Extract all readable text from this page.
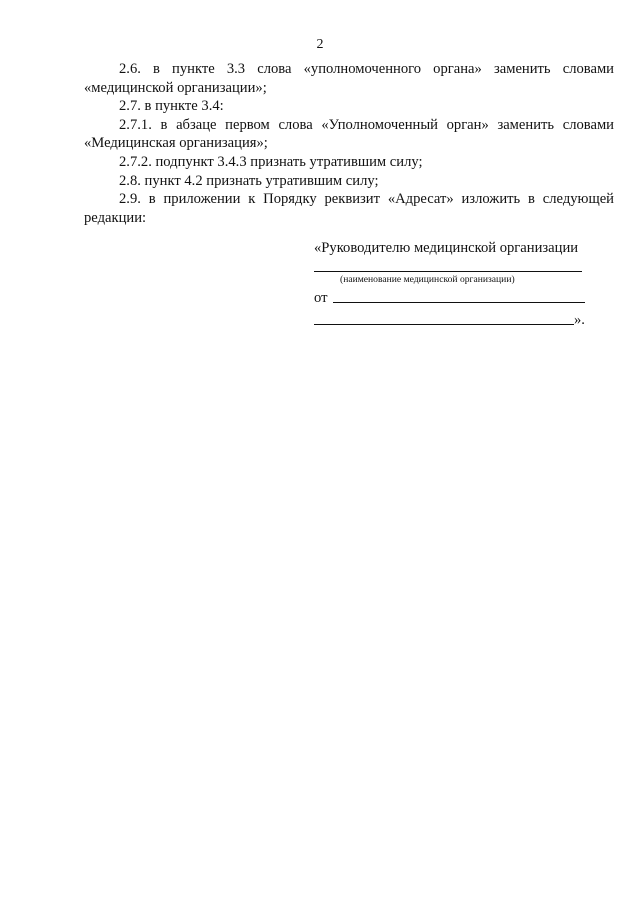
2

2.6. в пункте 3.3 слова «уполномоченного органа» заменить словами «медицинской организации»;

2.7. в пункте 3.4:

2.7.1. в абзаце первом слова «Уполномоченный орган» заменить словами «Медицинская организация»;

2.7.2. подпункт 3.4.3 признать утратившим силу;

2.8. пункт 4.2 признать утратившим силу;

2.9. в приложении к Порядку реквизит «Адресат» изложить в следующей редакции:

«Руководителю медицинской организации
(наименование медицинской организации)
от
».
